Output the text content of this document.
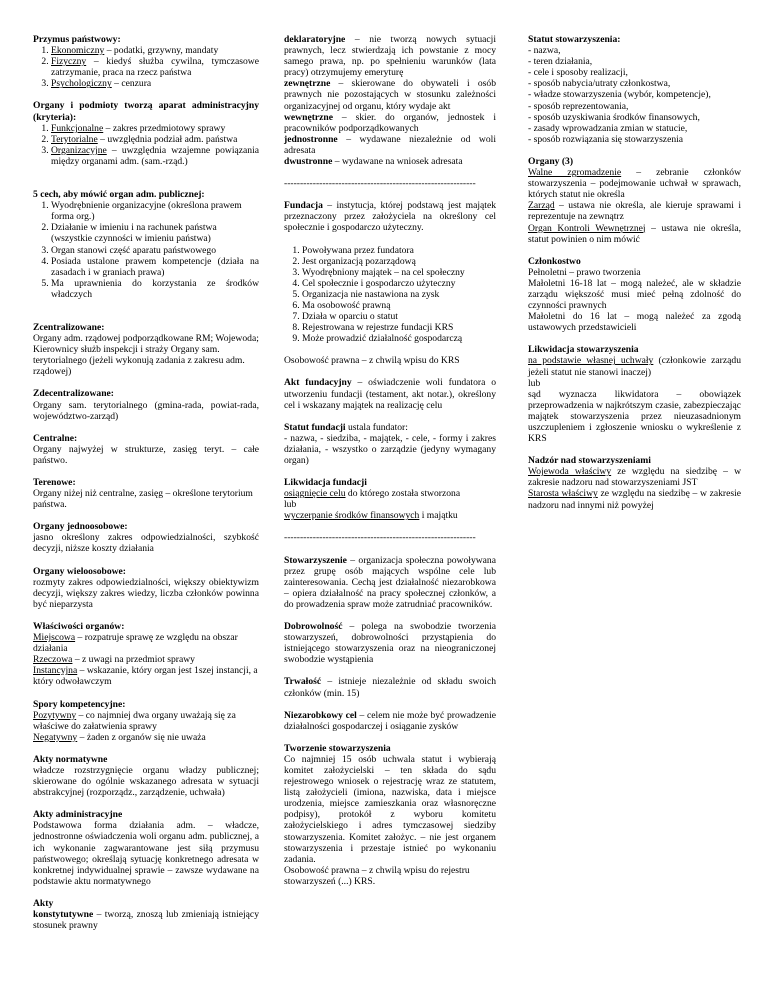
Przymus państwowy:

1. Ekonomiczny – podatki, grzywny, mandaty
2. Fizyczny – kiedyś służba cywilna, tymczasowe zatrzymanie, praca na rzecz państwa
3. Psychologiczny – cenzura

Organy i podmioty tworzą aparat administracyjny (kryteria):

1. Funkcjonalne – zakres przedmiotowy sprawy
2. Terytorialne – uwzględnia podział adm. państwa
3. Organizacyjne – uwzględnia wzajemne powiązania między organami adm. (sam.-rząd.)

5 cech, aby mówić organ adm. publicznej:

1. Wyodrębnienie organizacyjne (określona prawem forma org.)
2. Działanie w imieniu i na rachunek państwa (wszystkie czynności w imieniu państwa)
3. Organ stanowi część aparatu państwowego
4. Posiada ustalone prawem kompetencje (działa na zasadach i w graniach prawa)
5. Ma uprawnienia do korzystania ze środków władczych

Zcentralizowane:

Organy adm. rządowej podporządkowane RM; Wojewoda; Kierownicy służb inspekcji i straży Organy sam. terytorialnego (jeżeli wykonują zadania z zakresu adm. rządowej)

Zdecentralizowane:

Organy sam. terytorialnego (gmina-rada, powiat-rada, województwo-zarząd)

Centralne:

Organy najwyżej w strukturze, zasięg teryt. – całe państwo.

Terenowe:

Organy niżej niż centralne, zasięg – określone terytorium państwa.

Organy jednoosobowe:

jasno określony zakres odpowiedzialności, szybkość decyzji, niższe koszty działania

Organy wieloosobowe:

rozmyty zakres odpowiedzialności, większy obiektywizm decyzji, większy zakres wiedzy, liczba członków powinna być nieparzysta

Właściwości organów:

Miejscowa – rozpatruje sprawę ze względu na obszar działania

Rzeczowa – z uwagi na przedmiot sprawy

Instancyjna – wskazanie, który organ jest 1szej instancji, a który odwoławczym

Spory kompetencyjne:

Pozytywny – co najmniej dwa organy uważają się za właściwe do załatwienia sprawy

Negatywny – żaden z organów się nie uważa

Akty normatywne

władcze rozstrzygnięcie organu władzy publicznej; skierowane do ogólnie wskazanego adresata w sytuacji abstrakcyjnej (rozporządz., zarządzenie, uchwała)

Akty administracyjne

Podstawowa forma działania adm. – władcze, jednostronne oświadczenia woli organu adm. publicznej, a ich wykonanie zagwarantowane jest siłą przymusu państwowego; określają sytuację konkretnego adresata w konkretnej indywidualnej sprawie – zawsze wydawane na podstawie aktu normatywnego

Akty

konstytutywne – tworzą, znoszą lub zmieniają istniejący stosunek prawny

deklaratoryjne – nie tworzą nowych sytuacji prawnych, lecz stwierdzają ich powstanie z mocy samego prawa, np. po spełnieniu warunków (lata pracy) otrzymujemy emeryturę

zewnętrzne – skierowane do obywateli i osób prawnych nie pozostających w stosunku zależności organizacyjnej od organu, który wydaje akt

wewnętrzne – skier. do organów, jednostek i pracowników podporządkowanych

jednostronne – wydawane niezależnie od woli adresata

dwustronne – wydawane na wniosek adresata

------------------------------------------------------------

Fundacja – instytucja, której podstawą jest majątek przeznaczony przez założyciela na określony cel społecznie i gospodarczo użyteczny.

1. Powoływana przez fundatora
2. Jest organizacją pozarządową
3. Wyodrębniony majątek – na cel społeczny
4. Cel społecznie i gospodarczo użyteczny
5. Organizacja nie nastawiona na zysk
6. Ma osobowość prawną
7. Działa w oparciu o statut
8. Rejestrowana w rejestrze fundacji KRS
9. Może prowadzić działalność gospodarczą

Osobowość prawna – z chwilą wpisu do KRS

Akt fundacyjny – oświadczenie woli fundatora o utworzeniu fundacji (testament, akt notar.), określony cel i wskazany majątek na realizację celu

Statut fundacji ustala fundator:

- nazwa, - siedziba, - majątek, - cele, - formy i zakres działania, - wszystko o zarządzie (jedyny wymagany organ)

Likwidacja fundacji

osiągnięcie celu do którego została stworzona

lub

wyczerpanie środków finansowych i majątku

------------------------------------------------------------

Stowarzyszenie – organizacja społeczna powoływana przez grupę osób mających wspólne cele lub zainteresowania. Cechą jest działalność niezarobkowa – opiera działalność na pracy społecznej członków, a do prowadzenia spraw może zatrudniać pracowników.

Dobrowolność – polega na swobodzie tworzenia stowarzyszeń, dobrowolności przystąpienia do istniejącego stowarzyszenia oraz na nieograniczonej swobodzie wystąpienia

Trwałość – istnieje niezależnie od składu swoich członków (min. 15)

Niezarobkowy cel – celem nie może być prowadzenie działalności gospodarczej i osiąganie zysków

Tworzenie stowarzyszenia

Co najmniej 15 osób uchwala statut i wybierają komitet założycielski – ten składa do sądu rejestrowego wniosek o rejestrację wraz ze statutem, listą założycieli (imiona, nazwiska, data i miejsce urodzenia, miejsce zamieszkania oraz własnoręczne podpisy), protokół z wyboru komitetu założycielskiego i adres tymczasowej siedziby stowarzyszenia. Komitet założyc. – nie jest organem stowarzyszenia i przestaje istnieć po wykonaniu zadania.

Osobowość prawna – z chwilą wpisu do rejestru stowarzyszeń (...) KRS.

Statut stowarzyszenia:

- nazwa,

- teren działania,

- cele i sposoby realizacji,

- sposób nabycia/utraty członkostwa,

- władze stowarzyszenia (wybór, kompetencje),

- sposób reprezentowania,

- sposób uzyskiwania środków finansowych,

- zasady wprowadzania zmian w statucie,

- sposób rozwiązania się stowarzyszenia

Organy (3)

Walne zgromadzenie – zebranie członków stowarzyszenia – podejmowanie uchwał w sprawach, których statut nie określa

Zarząd – ustawa nie określa, ale kieruje sprawami i reprezentuje na zewnątrz

Organ Kontroli Wewnętrznej – ustawa nie określa, statut powinien o nim mówić

Członkostwo

Pełnoletni – prawo tworzenia

Małoletni 16-18 lat – mogą należeć, ale w składzie zarządu większość musi mieć pełną zdolność do czynności prawnych

Małoletni do 16 lat – mogą należeć za zgodą ustawowych przedstawicieli

Likwidacja stowarzyszenia

na podstawie własnej uchwały (członkowie zarządu jeżeli statut nie stanowi inaczej)

lub

sąd wyznacza likwidatora – obowiązek przeprowadzenia w najkrótszym czasie, zabezpieczając majątek stowarzyszenia przez nieuzasadnionym uszczupleniem i zgłoszenie wniosku o wykreślenie z KRS

Nadzór nad stowarzyszeniami

Wojewoda właściwy ze względu na siedzibę – w zakresie nadzoru nad stowarzyszeniami JST

Starosta właściwy ze względu na siedzibę – w zakresie nadzoru nad innymi niż powyżej
